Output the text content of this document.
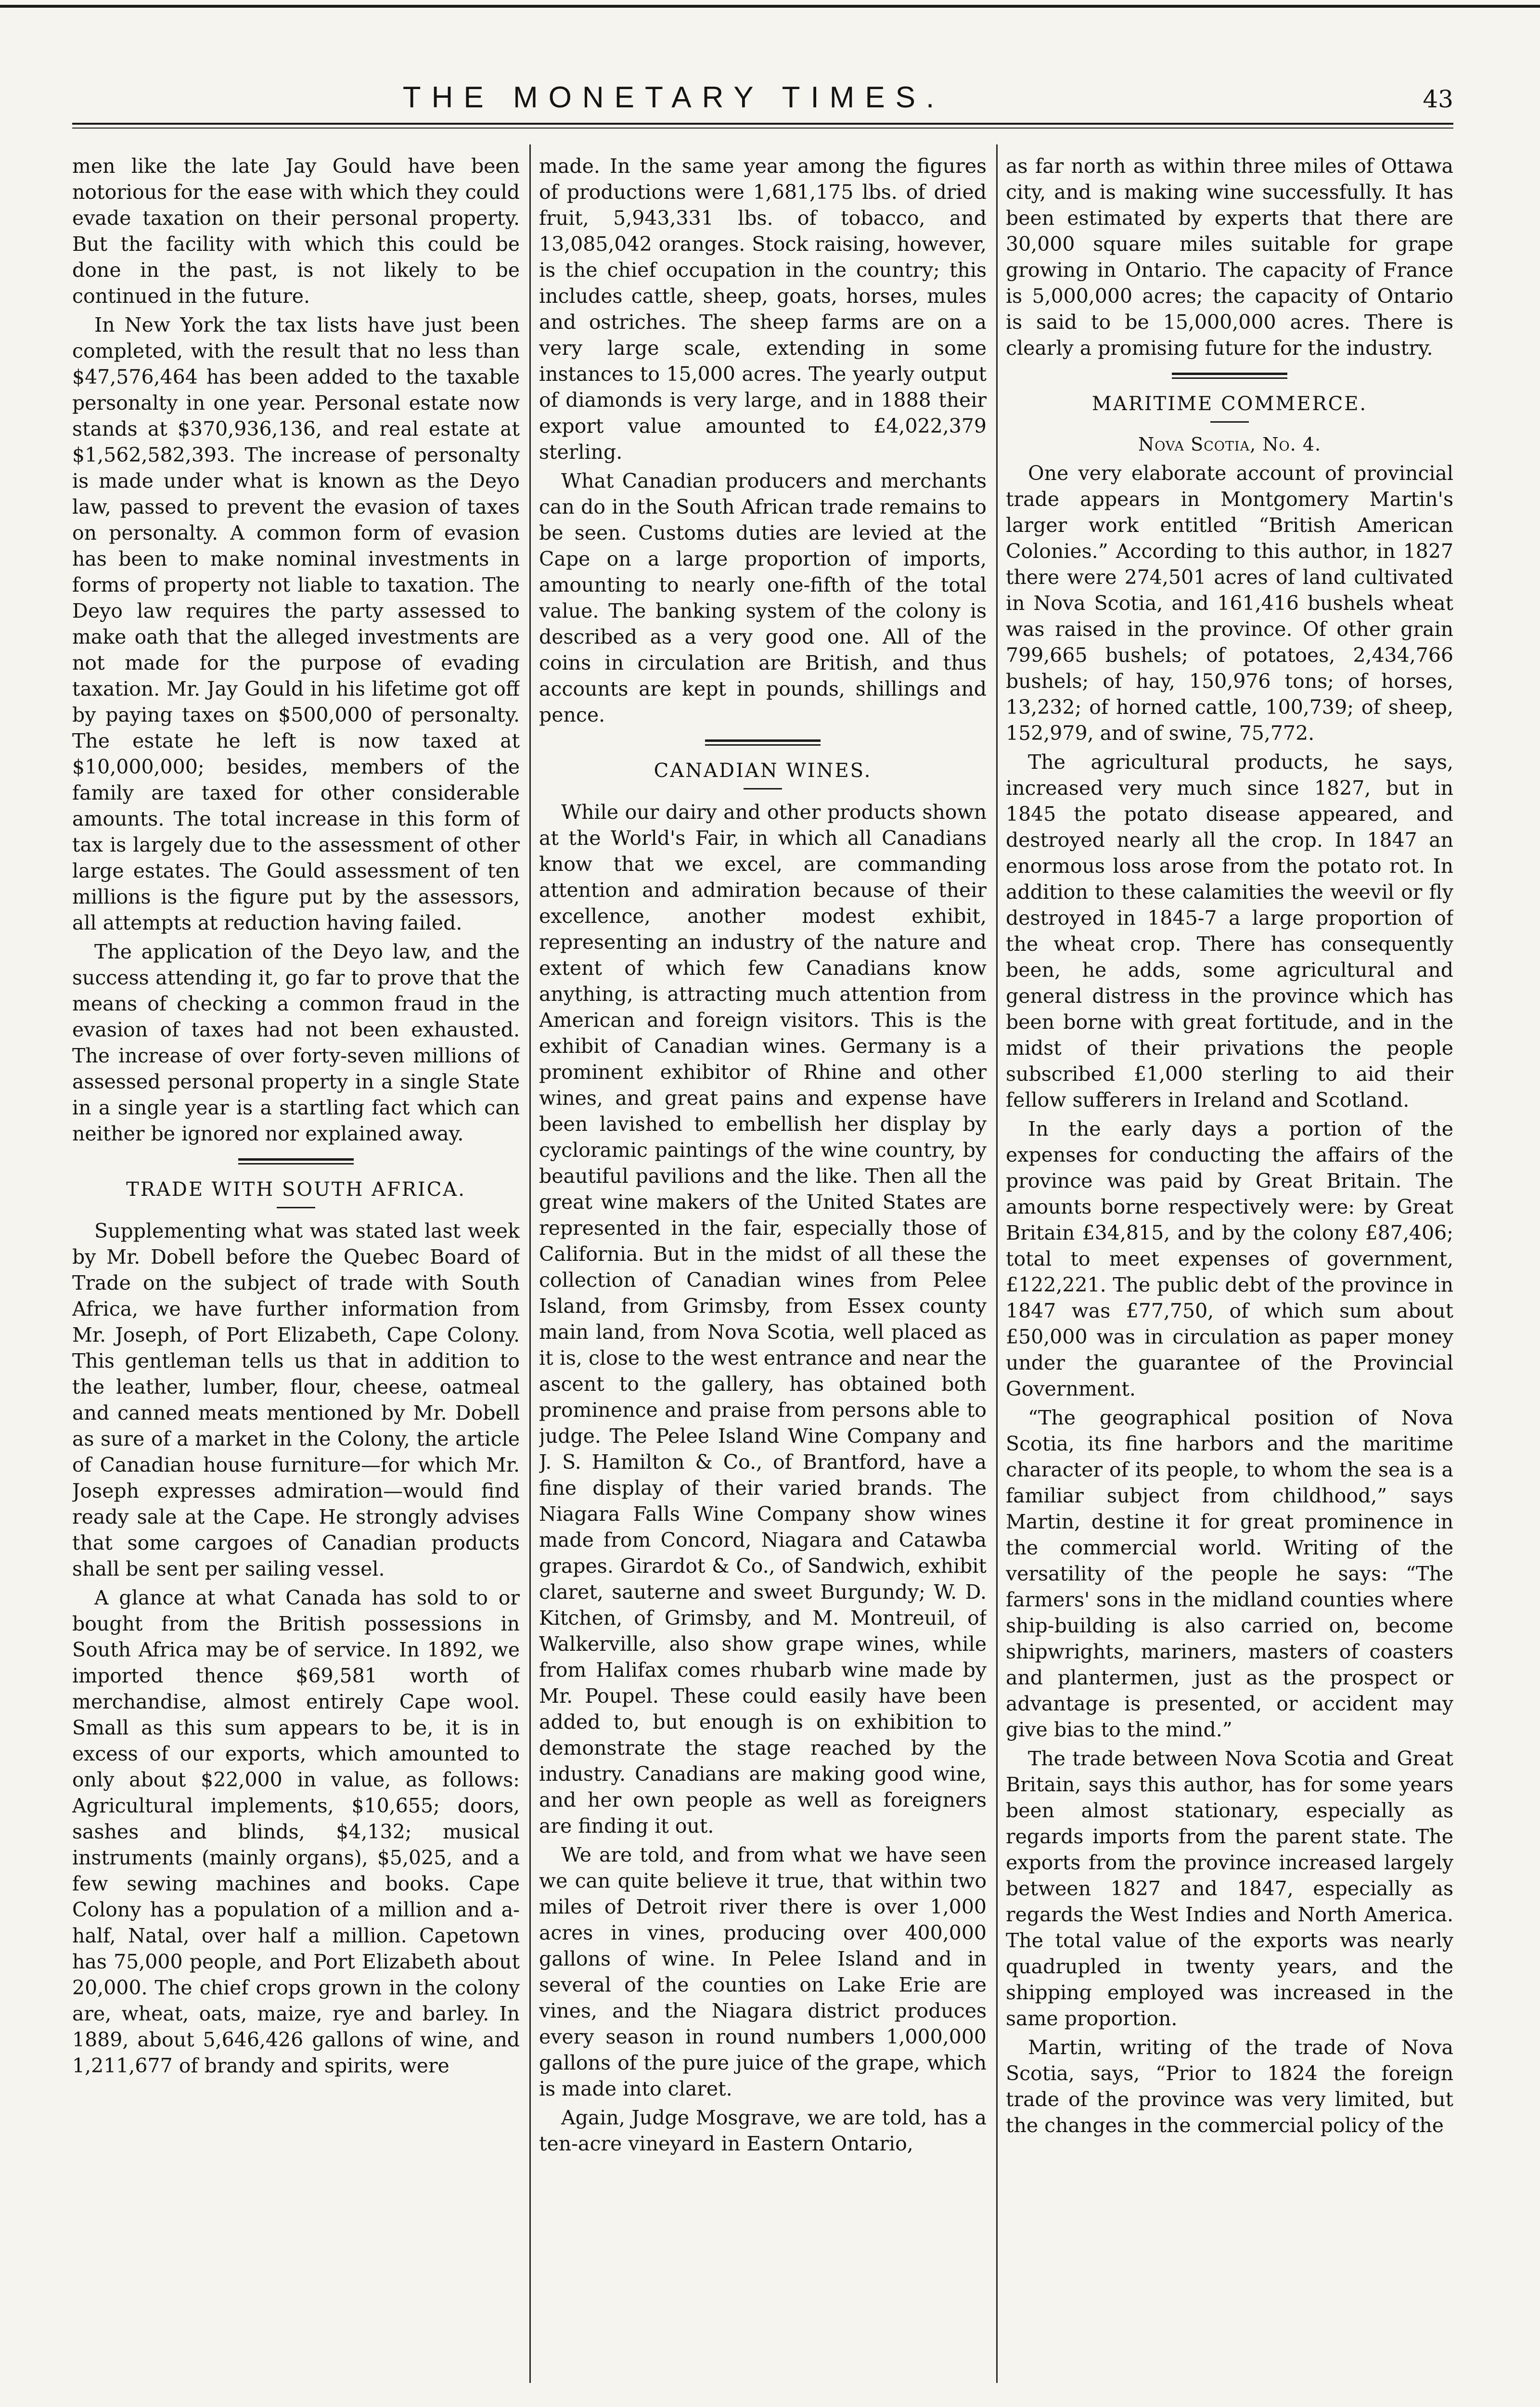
THE MONETARY TIMES.	43

men like the late Jay Gould have been notorious for the ease with which they could evade taxation on their personal property. But the facility with which this could be done in the past, is not likely to be continued in the future.

In New York the tax lists have just been completed, with the result that no less than $47,576,464 has been added to the taxable personalty in one year. Personal estate now stands at $370,936,136, and real estate at $1,562,582,393. The increase of personalty is made under what is known as the Deyo law, passed to prevent the evasion of taxes on personalty. A common form of evasion has been to make nominal investments in forms of property not liable to taxation. The Deyo law requires the party assessed to make oath that the alleged investments are not made for the purpose of evading taxation. Mr. Jay Gould in his lifetime got off by paying taxes on $500,000 of personalty. The estate he left is now taxed at $10,000,000; besides, members of the family are taxed for other considerable amounts. The total increase in this form of tax is largely due to the assessment of other large estates. The Gould assessment of ten millions is the figure put by the assessors, all attempts at reduction having failed.

The application of the Deyo law, and the success attending it, go far to prove that the means of checking a common fraud in the evasion of taxes had not been exhausted. The increase of over forty-seven millions of assessed personal property in a single State in a single year is a startling fact which can neither be ignored nor explained away.

TRADE WITH SOUTH AFRICA.

Supplementing what was stated last week by Mr. Dobell before the Quebec Board of Trade on the subject of trade with South Africa, we have further information from Mr. Joseph, of Port Elizabeth, Cape Colony. This gentleman tells us that in addition to the leather, lumber, flour, cheese, oatmeal and canned meats mentioned by Mr. Dobell as sure of a market in the Colony, the article of Canadian house furniture—for which Mr. Joseph expresses admiration—would find ready sale at the Cape. He strongly advises that some cargoes of Canadian products shall be sent per sailing vessel.

A glance at what Canada has sold to or bought from the British possessions in South Africa may be of service. In 1892, we imported thence $69,581 worth of merchandise, almost entirely Cape wool. Small as this sum appears to be, it is in excess of our exports, which amounted to only about $22,000 in value, as follows: Agricultural implements, $10,655; doors, sashes and blinds, $4,132; musical instruments (mainly organs), $5,025, and a few sewing machines and books. Cape Colony has a population of a million and a-half, Natal, over half a million. Capetown has 75,000 people, and Port Elizabeth about 20,000. The chief crops grown in the colony are, wheat, oats, maize, rye and barley. In 1889, about 5,646,426 gallons of wine, and 1,211,677 of brandy and spirits, were

made. In the same year among the figures of productions were 1,681,175 lbs. of dried fruit, 5,943,331 lbs. of tobacco, and 13,085,042 oranges. Stock raising, however, is the chief occupation in the country; this includes cattle, sheep, goats, horses, mules and ostriches. The sheep farms are on a very large scale, extending in some instances to 15,000 acres. The yearly output of diamonds is very large, and in 1888 their export value amounted to £4,022,379 sterling.

What Canadian producers and merchants can do in the South African trade remains to be seen. Customs duties are levied at the Cape on a large proportion of imports, amounting to nearly one-fifth of the total value. The banking system of the colony is described as a very good one. All of the coins in circulation are British, and thus accounts are kept in pounds, shillings and pence.

CANADIAN WINES.

While our dairy and other products shown at the World's Fair, in which all Canadians know that we excel, are commanding attention and admiration because of their excellence, another modest exhibit, representing an industry of the nature and extent of which few Canadians know anything, is attracting much attention from American and foreign visitors. This is the exhibit of Canadian wines. Germany is a prominent exhibitor of Rhine and other wines, and great pains and expense have been lavished to embellish her display by cycloramic paintings of the wine country, by beautiful pavilions and the like. Then all the great wine makers of the United States are represented in the fair, especially those of California. But in the midst of all these the collection of Canadian wines from Pelee Island, from Grimsby, from Essex county main land, from Nova Scotia, well placed as it is, close to the west entrance and near the ascent to the gallery, has obtained both prominence and praise from persons able to judge. The Pelee Island Wine Company and J. S. Hamilton & Co., of Brantford, have a fine display of their varied brands. The Niagara Falls Wine Company show wines made from Concord, Niagara and Catawba grapes. Girardot & Co., of Sandwich, exhibit claret, sauterne and sweet Burgundy; W. D. Kitchen, of Grimsby, and M. Montreuil, of Walkerville, also show grape wines, while from Halifax comes rhubarb wine made by Mr. Poupel. These could easily have been added to, but enough is on exhibition to demonstrate the stage reached by the industry. Canadians are making good wine, and her own people as well as foreigners are finding it out.

We are told, and from what we have seen we can quite believe it true, that within two miles of Detroit river there is over 1,000 acres in vines, producing over 400,000 gallons of wine. In Pelee Island and in several of the counties on Lake Erie are vines, and the Niagara district produces every season in round numbers 1,000,000 gallons of the pure juice of the grape, which is made into claret.

Again, Judge Mosgrave, we are told, has a ten-acre vineyard in Eastern Ontario,

as far north as within three miles of Ottawa city, and is making wine successfully. It has been estimated by experts that there are 30,000 square miles suitable for grape growing in Ontario. The capacity of France is 5,000,000 acres; the capacity of Ontario is said to be 15,000,000 acres. There is clearly a promising future for the industry.

MARITIME COMMERCE.
Nova Scotia, No. 4.

One very elaborate account of provincial trade appears in Montgomery Martin's larger work entitled “British American Colonies.” According to this author, in 1827 there were 274,501 acres of land cultivated in Nova Scotia, and 161,416 bushels wheat was raised in the province. Of other grain 799,665 bushels; of potatoes, 2,434,766 bushels; of hay, 150,976 tons; of horses, 13,232; of horned cattle, 100,739; of sheep, 152,979, and of swine, 75,772.

The agricultural products, he says, increased very much since 1827, but in 1845 the potato disease appeared, and destroyed nearly all the crop. In 1847 an enormous loss arose from the potato rot. In addition to these calamities the weevil or fly destroyed in 1845-7 a large proportion of the wheat crop. There has consequently been, he adds, some agricultural and general distress in the province which has been borne with great fortitude, and in the midst of their privations the people subscribed £1,000 sterling to aid their fellow sufferers in Ireland and Scotland.

In the early days a portion of the expenses for conducting the affairs of the province was paid by Great Britain. The amounts borne respectively were: by Great Britain £34,815, and by the colony £87,406; total to meet expenses of government, £122,221. The public debt of the province in 1847 was £77,750, of which sum about £50,000 was in circulation as paper money under the guarantee of the Provincial Government.

“The geographical position of Nova Scotia, its fine harbors and the maritime character of its people, to whom the sea is a familiar subject from childhood,” says Martin, destine it for great prominence in the commercial world. Writing of the versatility of the people he says: “The farmers' sons in the midland counties where ship-building is also carried on, become shipwrights, mariners, masters of coasters and plantermen, just as the prospect or advantage is presented, or accident may give bias to the mind.”

The trade between Nova Scotia and Great Britain, says this author, has for some years been almost stationary, especially as regards imports from the parent state. The exports from the province increased largely between 1827 and 1847, especially as regards the West Indies and North America. The total value of the exports was nearly quadrupled in twenty years, and the shipping employed was increased in the same proportion.

Martin, writing of the trade of Nova Scotia, says, “Prior to 1824 the foreign trade of the province was very limited, but the changes in the commercial policy of the
